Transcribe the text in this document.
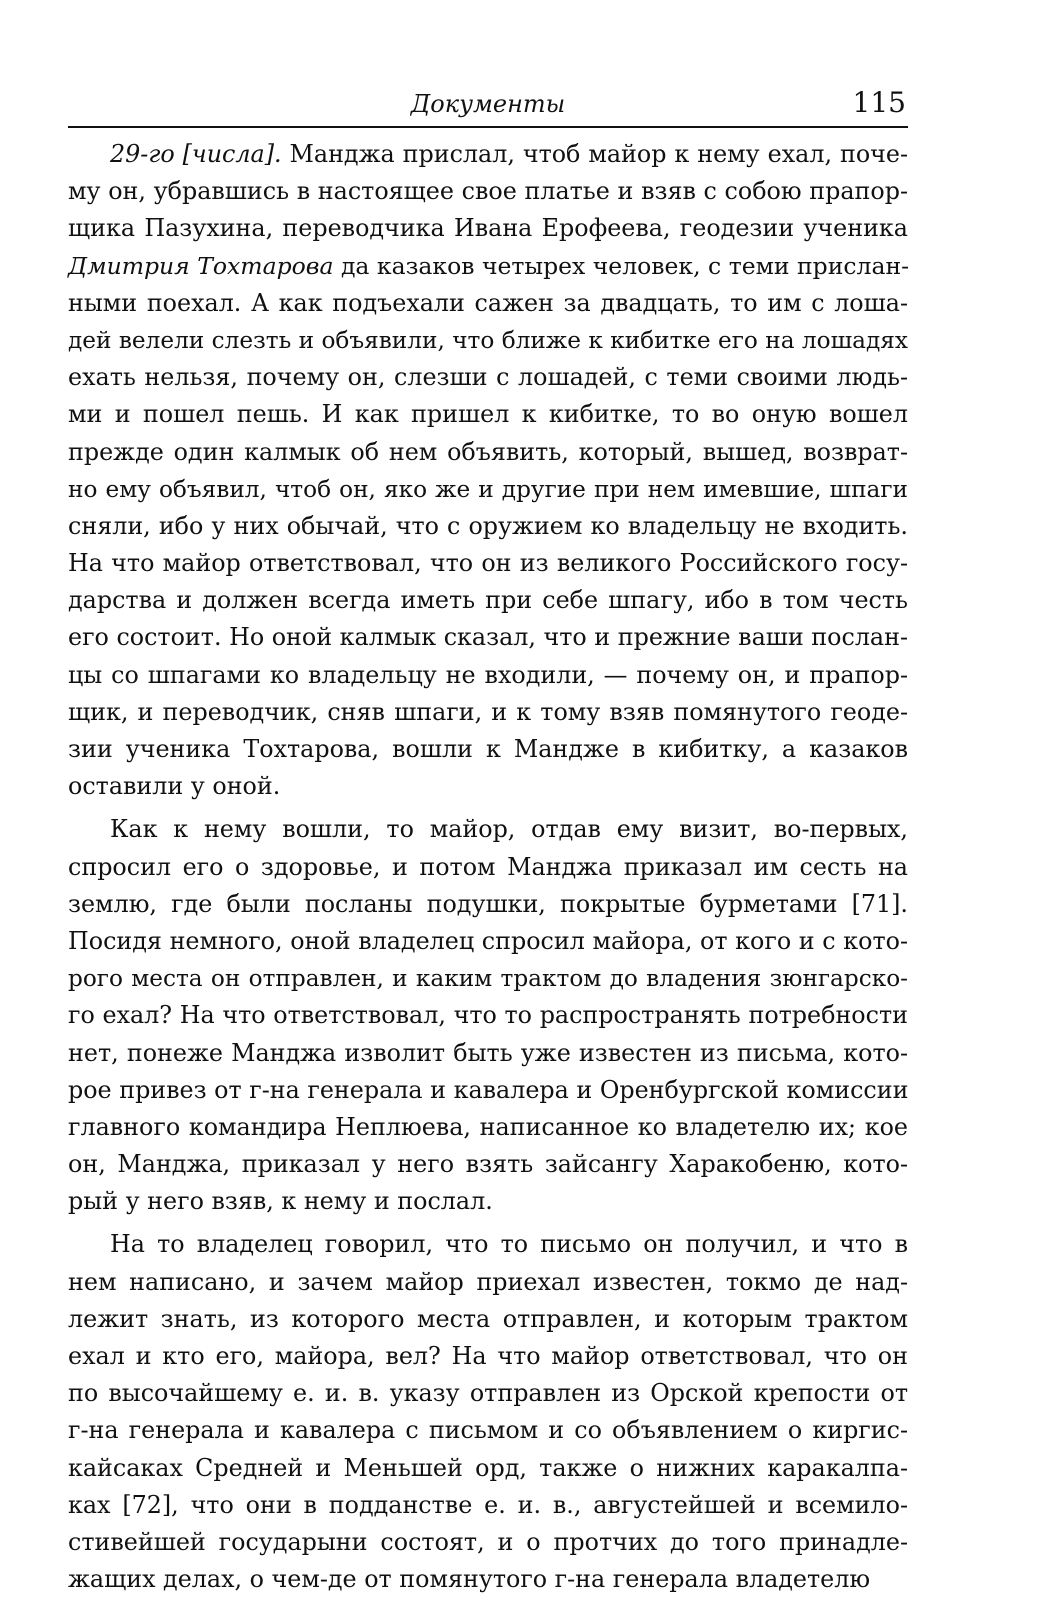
Документы	115
29-го [числа]. Манджа прислал, чтоб майор к нему ехал, поче-
му он, убравшись в настоящее свое платье и взяв с собою прапор-
щика Пазухина, переводчика Ивана Ерофеева, геодезии ученика
Дмитрия Тохтарова да казаков четырех человек, с теми прислан-
ными поехал. А как подъехали сажен за двадцать, то им с лоша-
дей велели слезть и объявили, что ближе к кибитке его на лошадях
ехать нельзя, почему он, слезши с лошадей, с теми своими людь-
ми и пошел пешь. И как пришел к кибитке, то во оную вошел
прежде один калмык об нем объявить, который, вышед, возврат-
но ему объявил, чтоб он, яко же и другие при нем имевшие, шпаги
сняли, ибо у них обычай, что с оружием ко владельцу не входить.
На что майор ответствовал, что он из великого Российского госу-
дарства и должен всегда иметь при себе шпагу, ибо в том честь
его состоит. Но оной калмык сказал, что и прежние ваши послан-
цы со шпагами ко владельцу не входили, — почему он, и прапор-
щик, и переводчик, сняв шпаги, и к тому взяв помянутого геоде-
зии ученика Тохтарова, вошли к Мандже в кибитку, а казаков
оставили у оной.
Как к нему вошли, то майор, отдав ему визит, во-первых,
спросил его о здоровье, и потом Манджа приказал им сесть на
землю, где были посланы подушки, покрытые бурметами [71].
Посидя немного, оной владелец спросил майора, от кого и с кото-
рого места он отправлен, и каким трактом до владения зюнгарско-
го ехал? На что ответствовал, что то распространять потребности
нет, понеже Манджа изволит быть уже известен из письма, кото-
рое привез от г-на генерала и кавалера и Оренбургской комиссии
главного командира Неплюева, написанное ко владетелю их; кое
он, Манджа, приказал у него взять зайсангу Харакобеню, кото-
рый у него взяв, к нему и послал.
На то владелец говорил, что то письмо он получил, и что в
нем написано, и зачем майор приехал известен, токмо де над-
лежит знать, из которого места отправлен, и которым трактом
ехал и кто его, майора, вел? На что майор ответствовал, что он
по высочайшему е. и. в. указу отправлен из Орской крепости от
г-на генерала и кавалера с письмом и со объявлением о киргис-
кайсаках Средней и Меньшей орд, также о нижних каракалпа-
ках [72], что они в подданстве е. и. в., августейшей и всемило-
стивейшей государыни состоят, и о протчих до того принадле-
жащих делах, о чем-де от помянутого г-на генерала владетелю
